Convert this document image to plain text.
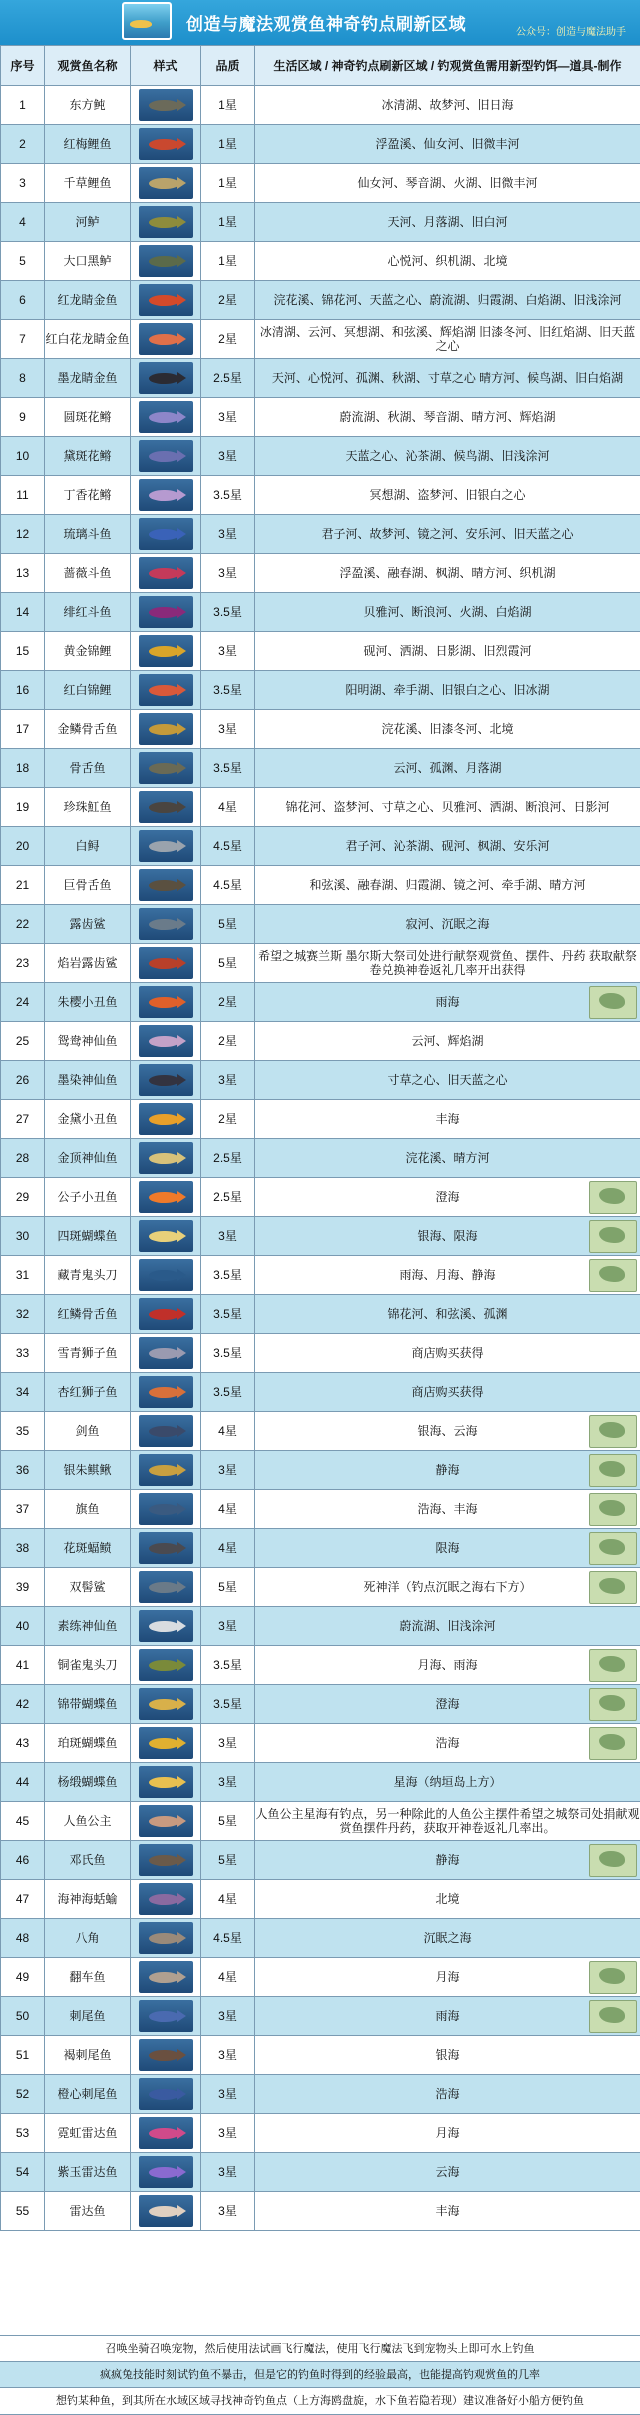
创造与魔法观赏鱼神奇钓点刷新区域	公众号：创造与魔法助手
序号	观赏鱼名称	样式	品质	生活区域 / 神奇钓点刷新区域 / 钓观赏鱼需用新型钓饵—道具-制作
1	东方鲀		1星	冰清湖、故梦河、旧日海
2	红梅鲤鱼		1星	浮盈溪、仙女河、旧微丰河
3	千草鲤鱼		1星	仙女河、琴音湖、火湖、旧微丰河
4	河鲈		1星	天河、月落湖、旧白河
5	大口黑鲈		1星	心悦河、织机湖、北境
6	红龙睛金鱼		2星	浣花溪、锦花河、天蓝之心、蔚流湖、归霞湖、白焰湖、旧浅涂河
7	红白花龙睛金鱼		2星	冰清湖、云河、冥想湖、和弦溪、辉焰湖 旧漆冬河、旧红焰湖、旧天蓝之心
8	墨龙睛金鱼		2.5星	天河、心悦河、孤渊、秋湖、寸草之心 晴方河、候鸟湖、旧白焰湖
9	圆斑花鳉		3星	蔚流湖、秋湖、琴音湖、晴方河、辉焰湖
10	黛斑花鳉		3星	天蓝之心、沁茶湖、候鸟湖、旧浅涂河
11	丁香花鳉		3.5星	冥想湖、盗梦河、旧银白之心
12	琉璃斗鱼		3星	君子河、故梦河、镜之河、安乐河、旧天蓝之心
13	蔷薇斗鱼		3星	浮盈溪、融春湖、枫湖、晴方河、织机湖
14	绯红斗鱼		3.5星	贝雅河、断浪河、火湖、白焰湖
15	黄金锦鲤		3星	砚河、洒湖、日影湖、旧烈霞河
16	红白锦鲤		3.5星	阳明湖、牵手湖、旧银白之心、旧冰湖
17	金鳞骨舌鱼		3星	浣花溪、旧漆冬河、北境
18	骨舌鱼		3.5星	云河、孤渊、月落湖
19	珍珠魟鱼		4星	锦花河、盗梦河、寸草之心、贝雅河、洒湖、断浪河、日影河
20	白鲟		4.5星	君子河、沁茶湖、砚河、枫湖、安乐河
21	巨骨舌鱼		4.5星	和弦溪、融春湖、归霞湖、镜之河、牵手湖、晴方河
22	露齿鲨		5星	寂河、沉眠之海
23	焰岩露齿鲨		5星	希望之城赛兰斯 墨尔斯大祭司处进行献祭观赏鱼、摆件、丹药 获取献祭卷兑换神卷返礼几率开出获得
24	朱樱小丑鱼		2星	雨海

25	鸳鸯神仙鱼		2星	云河、辉焰湖
26	墨染神仙鱼		3星	寸草之心、旧天蓝之心
27	金黛小丑鱼		2星	丰海
28	金顶神仙鱼		2.5星	浣花溪、晴方河
29	公子小丑鱼		2.5星	澄海

30	四斑蝴蝶鱼		3星	银海、限海

31	藏青鬼头刀		3.5星	雨海、月海、静海

32	红鳞骨舌鱼		3.5星	锦花河、和弦溪、孤渊
33	雪青狮子鱼		3.5星	商店购买获得
34	杏红狮子鱼		3.5星	商店购买获得
35	剑鱼		4星	银海、云海

36	银朱鲯鳅		3星	静海

37	旗鱼		4星	浩海、丰海

38	花斑蝠鲼		4星	限海

39	双髻鲨		5星	死神洋（钓点沉眠之海右下方）

40	素练神仙鱼		3星	蔚流湖、旧浅涂河
41	铜雀鬼头刀		3.5星	月海、雨海

42	锦带蝴蝶鱼		3.5星	澄海

43	珀斑蝴蝶鱼		3星	浩海

44	杨缎蝴蝶鱼		3星	星海（纳垣岛上方）
45	人鱼公主		5星	人鱼公主星海有钓点，另一种除此的人鱼公主摆件希望之城祭司处捐献观赏鱼摆件丹药，获取开神卷返礼几率出。
46	邓氏鱼		5星	静海

47	海神海蛞蝓		4星	北境
48	八角		4.5星	沉眠之海
49	翻车鱼		4星	月海

50	刺尾鱼		3星	雨海

51	褐刺尾鱼		3星	银海
52	橙心刺尾鱼		3星	浩海
53	霓虹雷达鱼		3星	月海
54	紫玉雷达鱼		3星	云海
55	雷达鱼		3星	丰海
召唤坐骑召唤宠物，然后使用法试画飞行魔法，使用飞行魔法飞到宠物头上即可水上钓鱼
疯疯兔技能时刻试钓鱼不暴击，但是它的钓鱼时得到的经验最高，也能提高钓观赏鱼的几率
想钓某种鱼，到其所在水域区域寻找神奇钓鱼点（上方海鸥盘旋，水下鱼若隐若现）建议准备好小船方便钓鱼
